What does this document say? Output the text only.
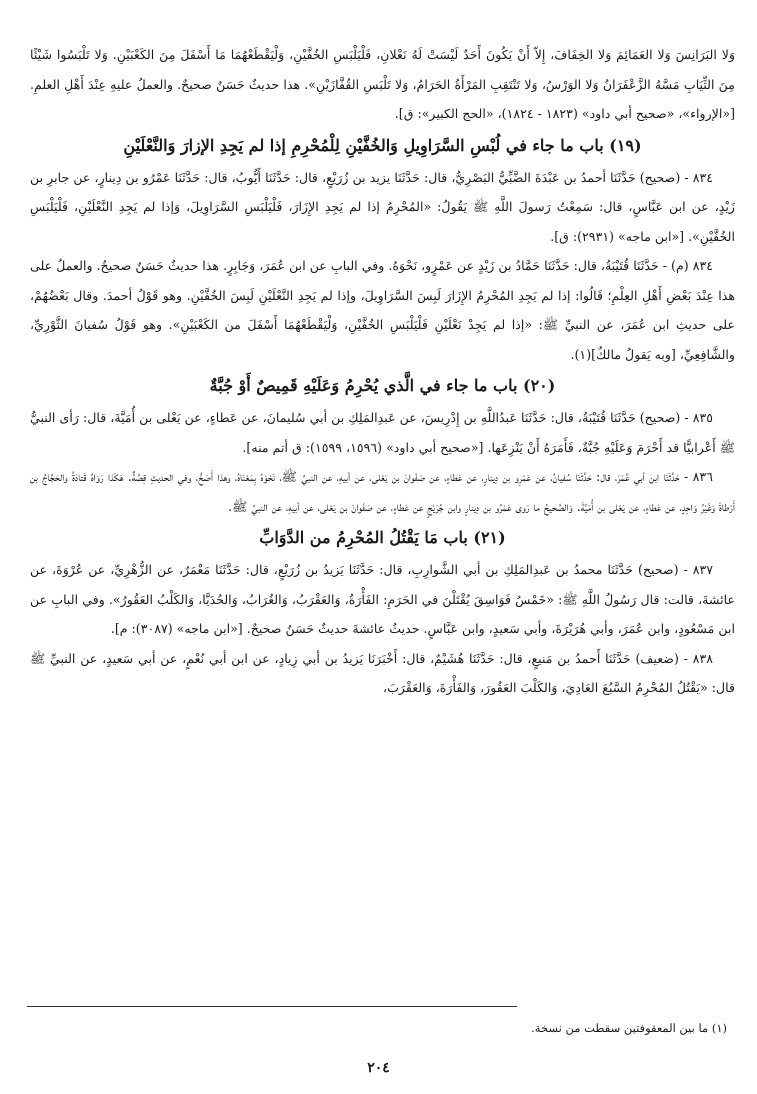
وَلا البَرَانِسَ وَلا العَمَائِمَ وَلا الخِفَافَ، إِلاّ أَنْ يَكُونَ أَحَدٌ لَيْسَتْ لَهُ نَعْلانِ، فَلْيَلْبَسِ الخُفَّيْنِ، وَلْيَقْطَعْهُمَا مَا أَسْفَلَ مِنَ الكَعْبَيْنِ. وَلا تَلْبَسُوا شَيْئًا مِنَ الثِّيَابِ مَسَّهُ الزَّعْفَرَانُ وَلا الوَرْسُ، وَلا تَنْتَقِبِ المَرْأَةُ الحَرَامُ، وَلا تَلْبَسِ القُفَّازَيْنِ». هذا حديثٌ حَسَنٌ صحيحٌ. والعملُ عليهِ عِنْدَ أَهْلِ العلمِ. [«الإرواء»، «صحيح أبي داود» (١٨٢٣ - ١٨٢٤)، «الحج الكبير»: ق].

(١٩) باب ما جاء في لُبْسِ السَّرَاوِيلِ وَالخُفَّيْنِ لِلْمُحْرِمِ إذا لم يَجِدِ الإزارَ وَالنَّعْلَيْنِ

٨٣٤ - (صحيح) حَدَّثَنَا أحمدُ بن عَبْدَةَ الضَّبِّيُّ البَصْرِيُّ، قال: حَدَّثَنَا يزيد بن زُرَيْعٍ، قال: حَدَّثَنَا أَيُّوبُ، قال: حَدَّثَنَا عَمْرُو بن دِينارٍ، عن جابرِ بن زَيْدٍ، عن ابن عَبَّاسٍ، قال: سَمِعْتُ رَسولَ اللَّهِ ﷺ يَقُولُ: «المُحْرِمُ إذا لم يَجِدِ الإِزَارَ، فَلْيَلْبَسِ السَّرَاوِيلَ، وَإذا لم يَجِدِ النَّعْلَيْنِ، فَلْيَلْبَسِ الخُفَّيْنِ». [«ابن ماجه» (٢٩٣١): ق].

٨٣٤ (م) - حَدَّثَنَا قُتَيْبَةُ، قال: حَدَّثَنَا حَمَّادُ بن زَيْدٍ عن عَمْرٍو، نَحْوَهُ. وفي البابِ عن ابن عُمَرَ، وَجَابِرٍ. هذا حديثٌ حَسَنٌ صحيحٌ. والعملُ على هذا عِنْدَ بَعْضِ أَهْلِ العِلْمِ؛ قَالُوا: إذا لم يَجِدِ المُحْرِمُ الإِزَارَ لَبِسَ السَّرَاوِيلَ، وإذا لم يَجِدِ النَّعْلَيْنِ لَبِسَ الخُفَّيْنِ. وهو قَوْلُ أحمدَ. وقال بَعْضُهُمْ، على حديثِ ابن عُمَرَ، عن النبيِّ ﷺ: «إذا لم يَجِدْ نَعْلَيْنِ فَلْيَلْبَسِ الخُفَّيْنِ، وَلْيَقْطَعْهُمَا أَسْفَلَ من الكَعْبَيْنِ». وهو قَوْلُ سُفيانَ الثَّوْرِيِّ، والشَّافِعِيِّ، [وبه يَقولُ مالكٌ](١).

(٢٠) باب ما جاء في الَّذي يُحْرِمُ وَعَلَيْهِ قَمِيصٌ أَوْ جُبَّةٌ

٨٣٥ - (صحيح) حَدَّثَنَا قُتَيْبَةُ، قال: حَدَّثَنَا عَبدُاللَّهِ بن إِدْرِيسَ، عن عَبدِالمَلِكِ بن أبي سُليمانَ، عن عَطاءٍ، عن يَعْلى بن أُمَيَّةَ، قال: رَأى النبيُّ ﷺ أَعْرابيًّا قد أَحْرَمَ وَعَلَيْهِ جُبَّةٌ، فَأَمَرَهُ أَنْ يَنْزِعَها. [«صحيح أبي داود» (١٥٩٦، ١٥٩٩): ق أتم منه].

٨٣٦ - حَدَّثَنَا ابن أبي عُمَرَ، قال: حَدَّثَنَا سُفيانُ، عن عَمْرِو بن دِينارٍ، عن عَطاءٍ، عن صَفْوانَ بن يَعْلى، عن أبيهِ، عن النبيِّ ﷺ، نَحْوَهُ بِمَعْنَاهُ، وهذا أَصَحُّ، وفي الحديثِ قِصَّةٌ. هَكَذا رَوَاهُ قَتادَةُ والحَجَّاجُ بن أَرْطاةَ وَغَيْرُ وَاحِدٍ، عن عَطاءٍ، عن يَعْلى بن أُمَيَّةَ. وَالصَّحيحُ ما رَوى عَمْرُو بن دِينارٍ وابن جُرَيْجٍ عن عَطاءٍ، عن صَفْوانَ بن يَعْلى، عن أبيهِ، عن النبيِّ ﷺ.

(٢١) باب مَا يَقْتُلُ المُحْرِمُ من الدَّوَابِّ

٨٣٧ - (صحيح) حَدَّثَنَا محمدُ بن عَبدِالمَلِكِ بن أبي الشَّوارِبِ، قال: حَدَّثَنَا يَزيدُ بن زُرَيْعٍ، قال: حَدَّثَنَا مَعْمَرٌ، عن الزُّهْرِيِّ، عن عُرْوَةَ، عن عائشةَ، قالت: قال رَسُولُ اللَّهِ ﷺ: «خَمْسُ فَوَاسِقَ يُقْتَلْنَ في الحَرَمِ: الفَأْرَةُ، وَالعَقْرَبُ، وَالغُرَابُ، وَالحُدَيَّا، وَالكَلْبُ العَقُورُ». وفي البابِ عن ابن مَسْعُودٍ، وابن عُمَرَ، وأبي هُرَيْرَةَ، وأبي سَعيدٍ، وابن عَبَّاسٍ. حديثُ عائشةَ حديثٌ حَسَنٌ صحيحٌ. [«ابن ماجه» (٣٠٨٧): م].

٨٣٨ - (ضعيف) حَدَّثَنَا أَحمدُ بن مَنيعٍ، قال: حَدَّثَنَا هُشَيْمٌ، قال: أَخْبَرَنَا يَزيدُ بن أبي زِيادٍ، عن ابن أبي نُعْمٍ، عن أبي سَعيدٍ، عن النبيِّ ﷺ قال: «يَقْتُلُ المُحْرِمُ السَّبُعَ العَادِيَ، وَالكَلْبَ العَقُورَ، وَالفَأْرَةَ، وَالعَقْرَبَ،

(١) ما بين المعقوفتين سقطت من نسخة.

٢٠٤
